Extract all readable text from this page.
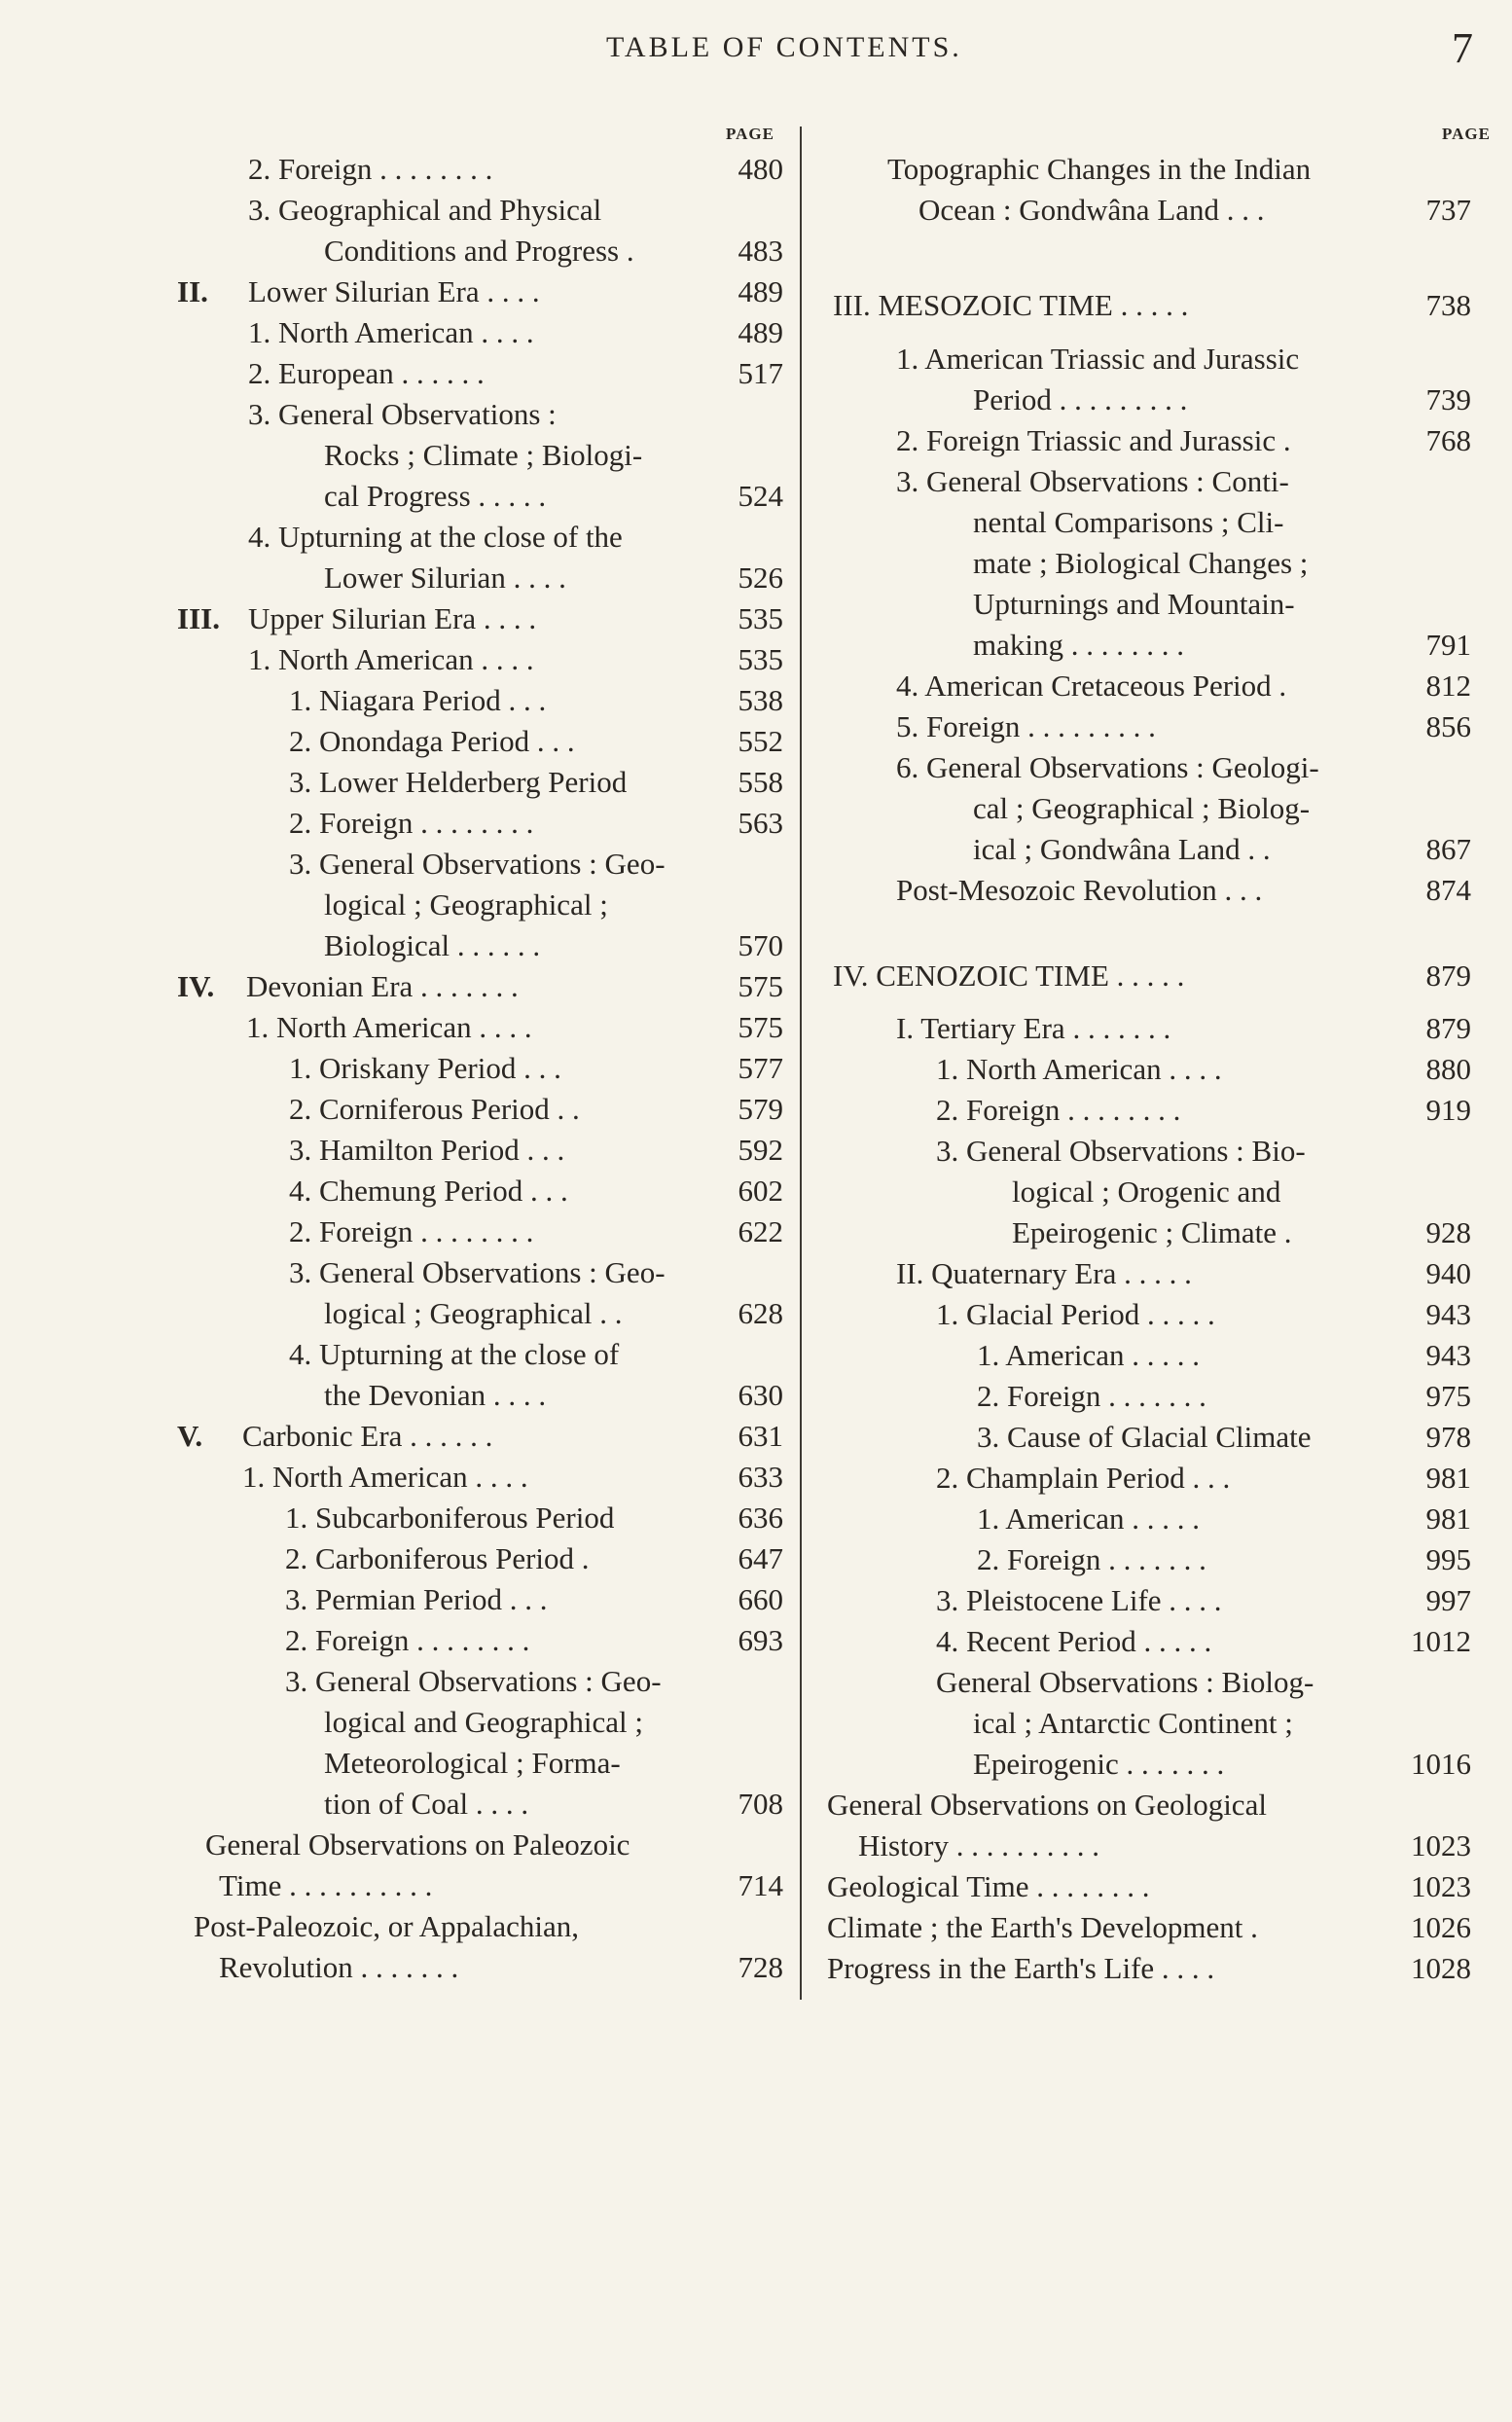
TABLE OF CONTENTS.	7
PAGE	PAGE
2. Foreign . . . . . . . .	480
3. Geographical and Physical
Conditions and Progress .	483
II. Lower Silurian Era . . . .	489
1. North American . . . .	489
2. European . . . . . .	517
3. General Observations :
Rocks ; Climate ; Biologi-
cal Progress . . . . .	524
4. Upturning at the close of the
Lower Silurian . . . .	526
III. Upper Silurian Era . . . .	535
1. North American . . . .	535
1. Niagara Period . . .	538
2. Onondaga Period . . .	552
3. Lower Helderberg Period	558
2. Foreign . . . . . . . .	563
3. General Observations : Geo-
logical ; Geographical ;
Biological . . . . . .	570
IV. Devonian Era . . . . . . .	575
1. North American . . . .	575
1. Oriskany Period . . .	577
2. Corniferous Period . .	579
3. Hamilton Period . . .	592
4. Chemung Period . . .	602
2. Foreign . . . . . . . .	622
3. General Observations : Geo-
logical ; Geographical . .	628
4. Upturning at the close of
the Devonian . . . .	630
V. Carbonic Era . . . . . .	631
1. North American . . . .	633
1. Subcarboniferous Period	636
2. Carboniferous Period .	647
3. Permian Period . . .	660
2. Foreign . . . . . . . .	693
3. General Observations : Geo-
logical and Geographical ;
Meteorological ; Forma-
tion of Coal . . . .	708
General Observations on Paleozoic
Time . . . . . . . . . .	714
Post-Paleozoic, or Appalachian,
Revolution . . . . . . .	728
Topographic Changes in the Indian
Ocean : Gondwâna Land . . .	737
III. MESOZOIC TIME . . . . .	738
1. American Triassic and Jurassic
Period . . . . . . . . .	739
2. Foreign Triassic and Jurassic .	768
3. General Observations : Conti-
nental Comparisons ; Cli-
mate ; Biological Changes ;
Upturnings and Mountain-
making . . . . . . . .	791
4. American Cretaceous Period .	812
5. Foreign . . . . . . . . .	856
6. General Observations : Geologi-
cal ; Geographical ; Biolog-
ical ; Gondwâna Land . .	867
Post-Mesozoic Revolution . . .	874
IV. CENOZOIC TIME . . . . .	879
I. Tertiary Era . . . . . . .	879
1. North American . . . .	880
2. Foreign . . . . . . . .	919
3. General Observations : Bio-
logical ; Orogenic and
Epeirogenic ; Climate .	928
II. Quaternary Era . . . . .	940
1. Glacial Period . . . . .	943
1. American . . . . .	943
2. Foreign . . . . . . .	975
3. Cause of Glacial Climate	978
2. Champlain Period . . .	981
1. American . . . . .	981
2. Foreign . . . . . . .	995
3. Pleistocene Life . . . .	997
4. Recent Period . . . . .	1012
General Observations : Biolog-
ical ; Antarctic Continent ;
Epeirogenic . . . . . . .	1016
General Observations on Geological
History . . . . . . . . . .	1023
Geological Time . . . . . . . .	1023
Climate ; the Earth's Development .	1026
Progress in the Earth's Life . . . .	1028
